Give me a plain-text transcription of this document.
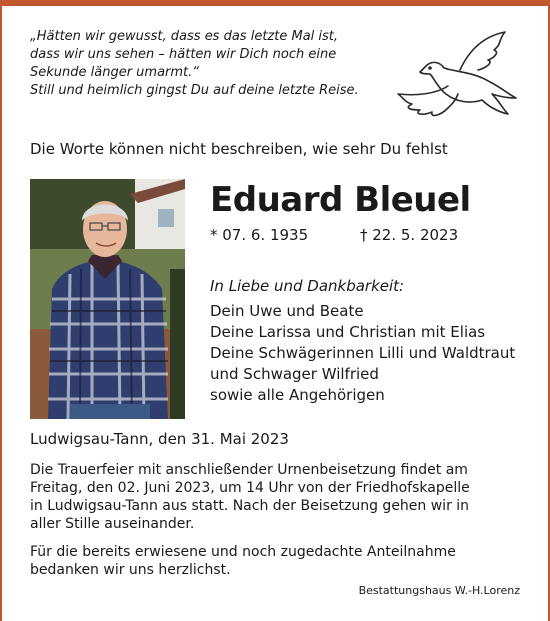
„Hätten wir gewusst, dass es das letzte Mal ist,
dass wir uns sehen – hätten wir Dich noch eine
Sekunde länger umarmt.“
Still und heimlich gingst Du auf deine letzte Reise.
Die Worte können nicht beschreiben, wie sehr Du fehlst
Eduard Bleuel
* 07. 6. 1935	† 22. 5. 2023
In Liebe und Dankbarkeit:
Dein Uwe und Beate
Deine Larissa und Christian mit Elias
Deine Schwägerinnen Lilli und Waldtraut
und Schwager Wilfried
sowie alle Angehörigen
Ludwigsau-Tann, den 31. Mai 2023
Die Trauerfeier mit anschließender Urnenbeisetzung findet am
Freitag, den 02. Juni 2023, um 14 Uhr von der Friedhofskapelle
in Ludwigsau-Tann aus statt. Nach der Beisetzung gehen wir in
aller Stille auseinander.
Für die bereits erwiesene und noch zugedachte Anteilnahme
bedanken wir uns herzlichst.
Bestattungshaus W.-H.Lorenz
